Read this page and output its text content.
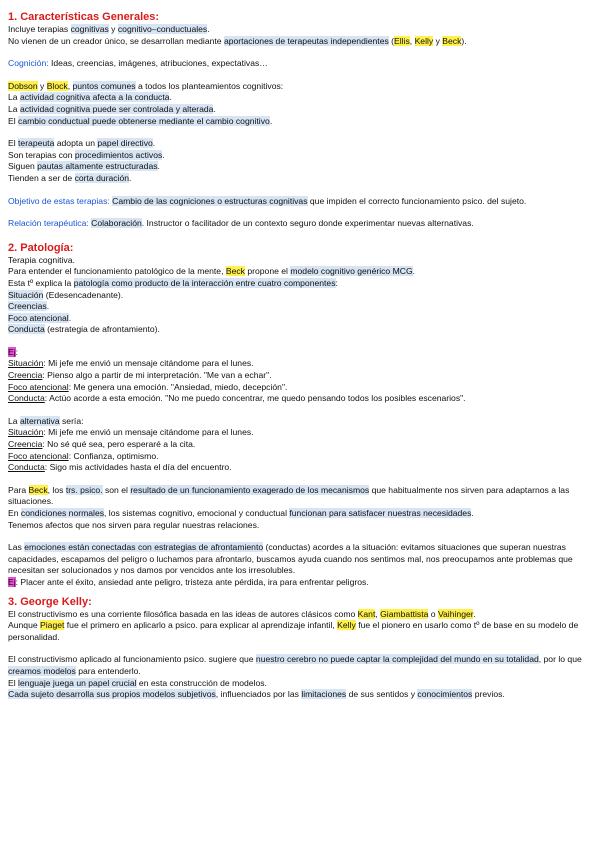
1. Características Generales:

Incluye terapias cognitivas y cognitivo–conductuales.

No vienen de un creador único, se desarrollan mediante aportaciones de terapeutas independientes (Ellis, Kelly y Beck).

Cognición: Ideas, creencias, imágenes, atribuciones, expectativas…

Dobson y Block, puntos comunes a todos los planteamientos cognitivos:

La actividad cognitiva afecta a la conducta.

La actividad cognitiva puede ser controlada y alterada.

El cambio conductual puede obtenerse mediante el cambio cognitivo.

El terapeuta adopta un papel directivo.

Son terapias con procedimientos activos.

Siguen pautas altamente estructuradas.

Tienden a ser de corta duración.

Objetivo de estas terapias: Cambio de las cogniciones o estructuras cognitivas que impiden el correcto funcionamiento psico. del sujeto.

Relación terapéutica: Colaboración. Instructor o facilitador de un contexto seguro donde experimentar nuevas alternativas.

2. Patología:

Terapia cognitiva.

Para entender el funcionamiento patológico de la mente, Beck propone el modelo cognitivo genérico MCG.

Esta tº explica la patología como producto de la interacción entre cuatro componentes:

Situación (Edesencadenante).

Creencias.

Foco atencional.

Conducta (estrategia de afrontamiento).

Ej:

Situación: Mi jefe me envió un mensaje citándome para el lunes.

Creencia: Pienso algo a partir de mi interpretación. "Me van a echar".

Foco atencional: Me genera una emoción. "Ansiedad, miedo, decepción".

Conducta: Actúo acorde a esta emoción. "No me puedo concentrar, me quedo pensando todos los posibles escenarios".

La alternativa sería:

Situación: Mi jefe me envió un mensaje citándome para el lunes.

Creencia: No sé qué sea, pero esperaré a la cita.

Foco atencional: Confianza, optimismo.

Conducta: Sigo mis actividades hasta el día del encuentro.

Para Beck, los trs. psico. son el resultado de un funcionamiento exagerado de los mecanismos que habitualmente nos sirven para adaptarnos a las situaciones.

En condiciones normales, los sistemas cognitivo, emocional y conductual funcionan para satisfacer nuestras necesidades.

Tenemos afectos que nos sirven para regular nuestras relaciones.

Las emociones están conectadas con estrategias de afrontamiento (conductas) acordes a la situación: evitamos situaciones que superan nuestras capacidades, escapamos del peligro o luchamos para afrontarlo, buscamos ayuda cuando nos sentimos mal, nos preocupamos ante problemas que necesitan ser solucionados y nos damos por vencidos ante los irresolubles.

Ej: Placer ante el éxito, ansiedad ante peligro, tristeza ante pérdida, ira para enfrentar peligros.

3. George Kelly:

El constructivismo es una corriente filosófica basada en las ideas de autores clásicos como Kant, Giambattista o Vaihinger.

Aunque Piaget fue el primero en aplicarlo a psico. para explicar al aprendizaje infantil, Kelly fue el pionero en usarlo como tº de base en su modelo de personalidad.

El constructivismo aplicado al funcionamiento psico. sugiere que nuestro cerebro no puede captar la complejidad del mundo en su totalidad, por lo que creamos modelos para entenderlo.

El lenguaje juega un papel crucial en esta construcción de modelos.

Cada sujeto desarrolla sus propios modelos subjetivos, influenciados por las limitaciones de sus sentidos y conocimientos previos.
